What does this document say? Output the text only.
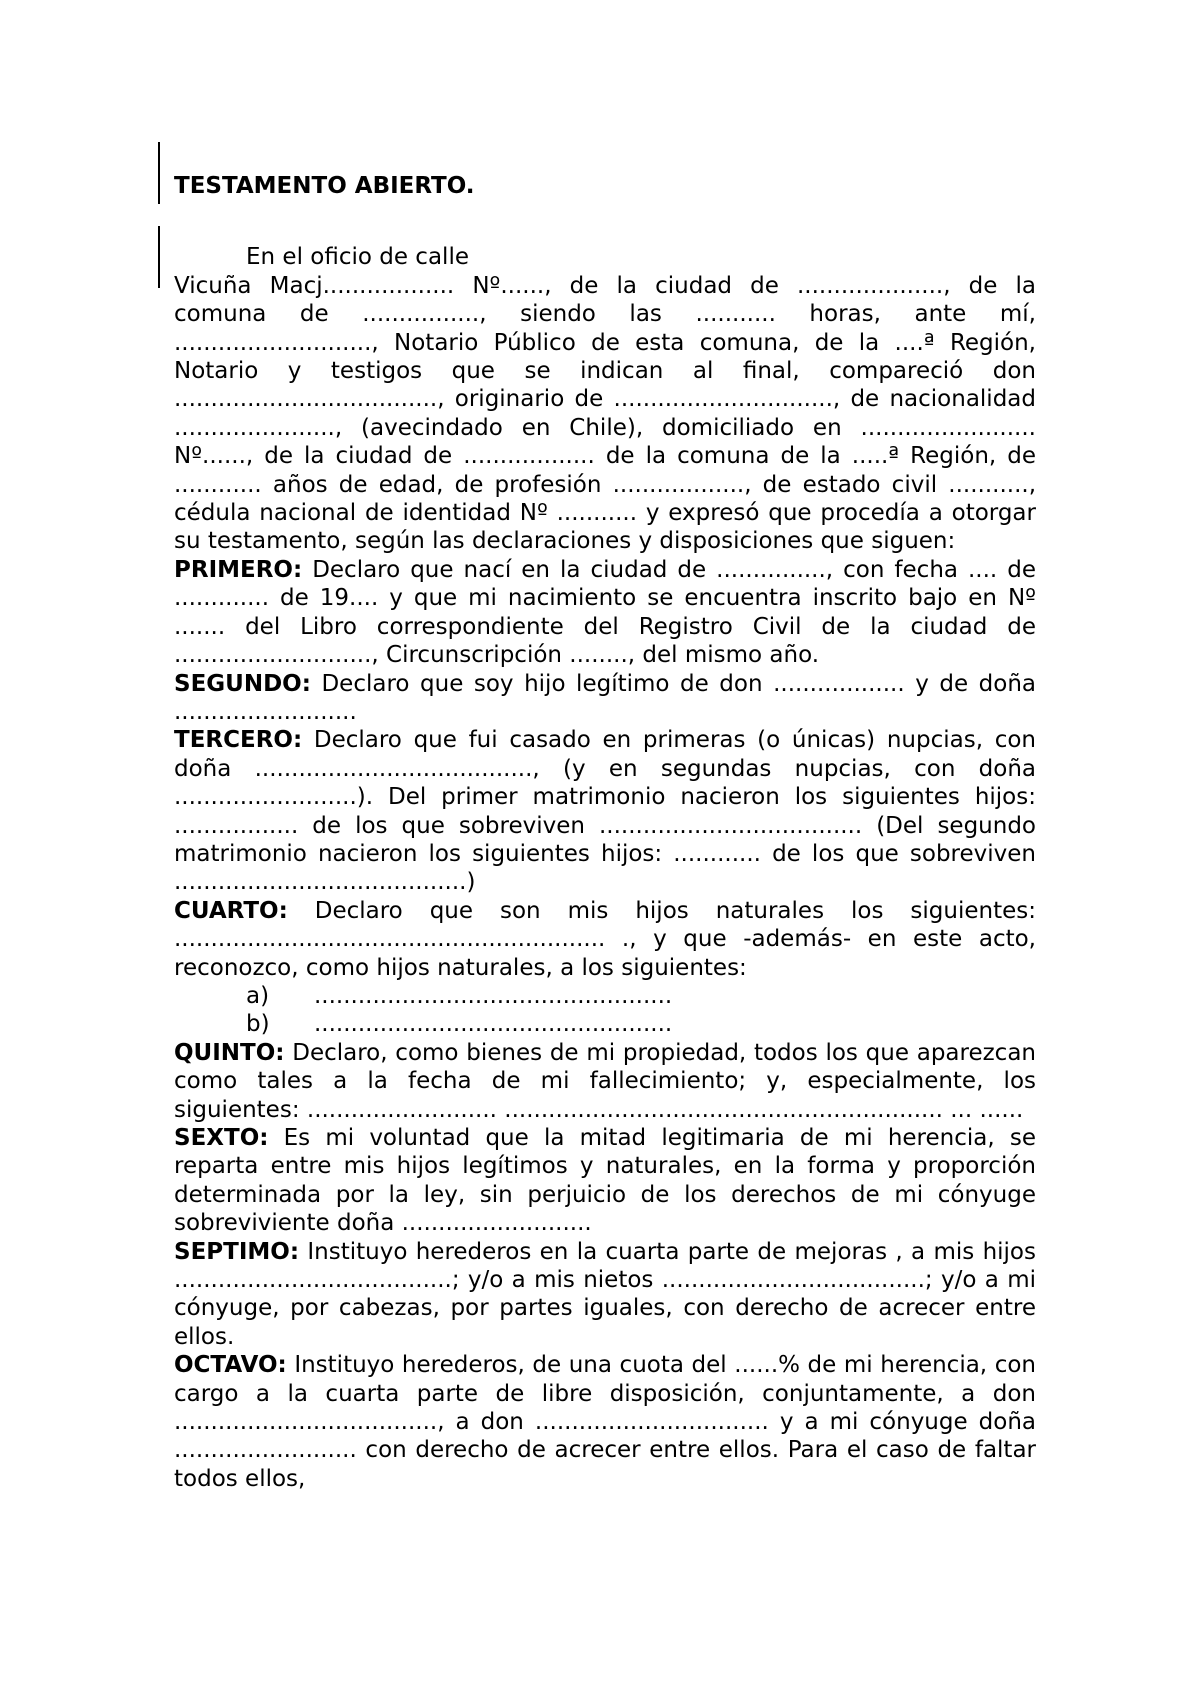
TESTAMENTO ABIERTO.

En el oficio de calle
Vicuña Macj.................. Nº......, de la ciudad de ...................., de la comuna de ................, siendo las ........... horas, ante mí, ..........................., Notario Público de esta comuna, de la ....ª Región, Notario y testigos que se indican al final, compareció don ...................................., originario de .............................., de nacionalidad ......................, (avecindado en Chile), domiciliado en ........................ Nº......, de la ciudad de .................. de la comuna de la .....ª Región, de ............ años de edad, de profesión .................., de estado civil ..........., cédula nacional de identidad Nº ........... y expresó que procedía a otorgar su testamento, según las declaraciones y disposiciones que siguen:

PRIMERO: Declaro que nací en la ciudad de ..............., con fecha .... de ............. de 19.... y que mi nacimiento se encuentra inscrito bajo en Nº ....... del Libro correspondiente del Registro Civil de la ciudad de ..........................., Circunscripción ........, del mismo año.

SEGUNDO: Declaro que soy hijo legítimo de don .................. y de doña .........................

TERCERO: Declaro que fui casado en primeras (o únicas) nupcias, con doña ......................................, (y en segundas nupcias, con doña .........................). Del primer matrimonio nacieron los siguientes hijos: ................. de los que sobreviven .................................... (Del segundo matrimonio nacieron los siguientes hijos: ............ de los que sobreviven ........................................)

CUARTO: Declaro que son mis hijos naturales los siguientes: ........................................................... ., y que -además- en este acto, reconozco, como hijos naturales, a los siguientes:

a)	.................................................
b)	.................................................

QUINTO: Declaro, como bienes de mi propiedad, todos los que aparezcan como tales a la fecha de mi fallecimiento; y, especialmente, los siguientes: .......................... ............................................................ ... ......

SEXTO: Es mi voluntad que la mitad legitimaria de mi herencia, se reparta entre mis hijos legítimos y naturales, en la forma y proporción determinada por la ley, sin perjuicio de los derechos de mi cónyuge sobreviviente doña ..........................

SEPTIMO: Instituyo herederos en la cuarta parte de mejoras , a mis hijos ......................................; y/o a mis nietos ....................................; y/o a mi cónyuge, por cabezas, por partes iguales, con derecho de acrecer entre ellos.

OCTAVO: Instituyo herederos, de una cuota del ......% de mi herencia, con cargo a la cuarta parte de libre disposición, conjuntamente, a don ...................................., a don ................................ y a mi cónyuge doña ......................... con derecho de acrecer entre ellos. Para el caso de faltar todos ellos,
